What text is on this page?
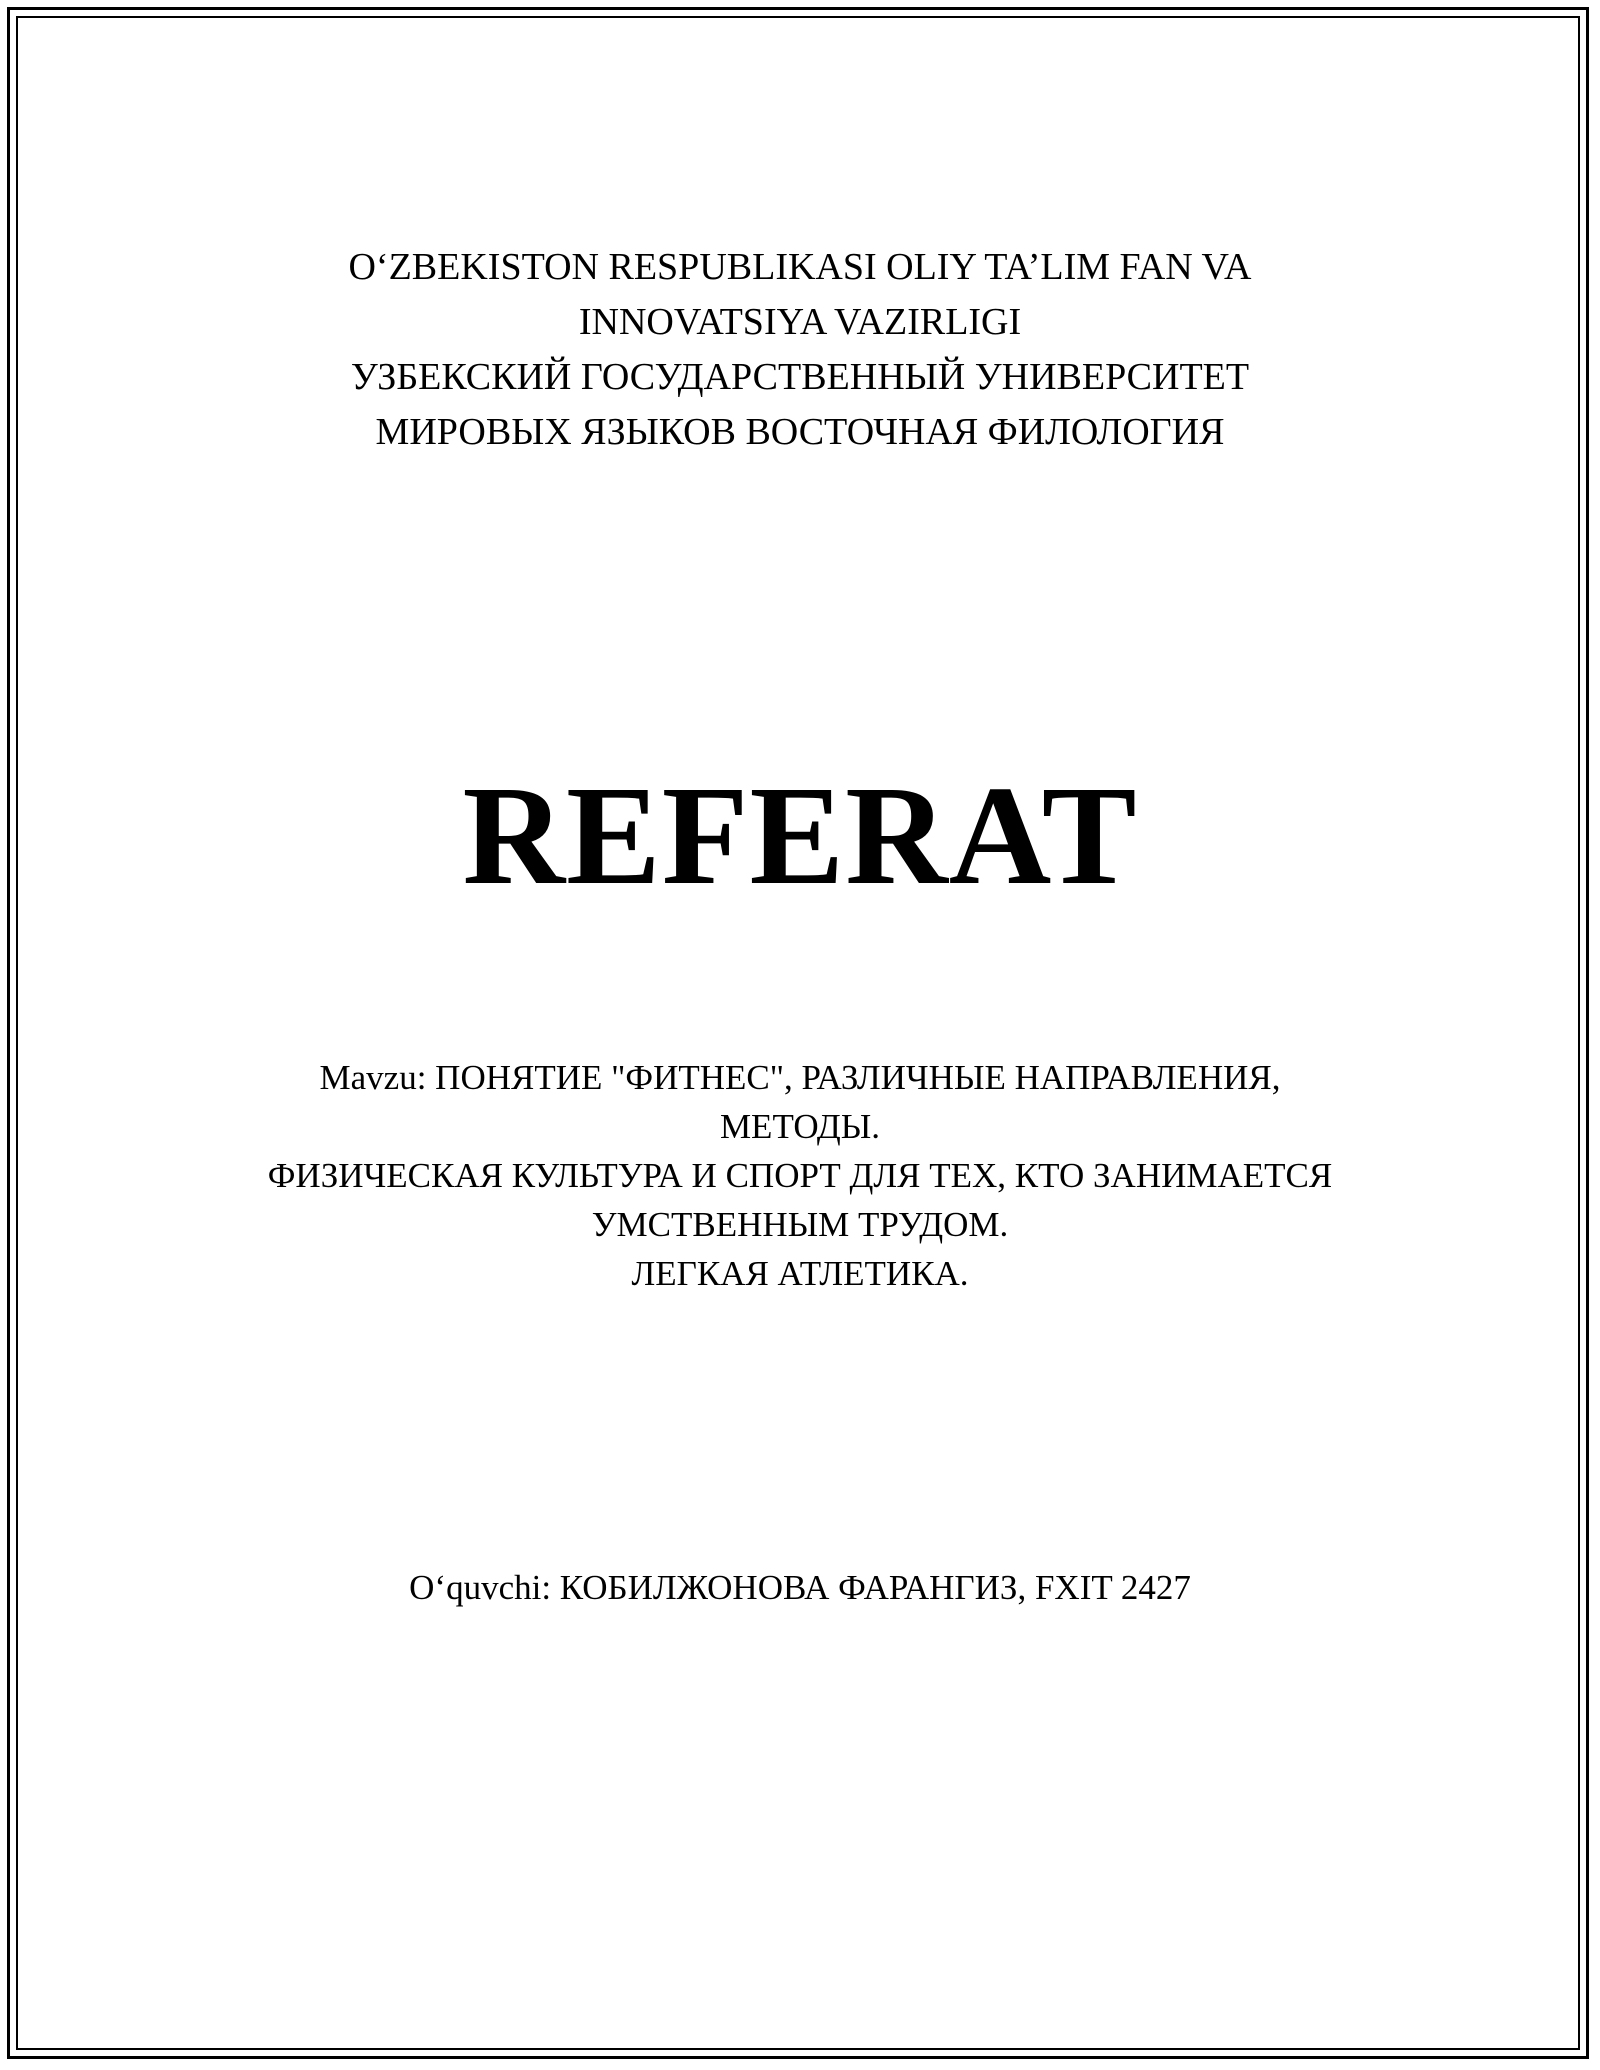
O‘ZBEKISTON RESPUBLIKASI OLIY TA’LIM FAN VA
INNOVATSIYA VAZIRLIGI
УЗБЕКСКИЙ ГОСУДАРСТВЕННЫЙ УНИВЕРСИТЕТ
МИРОВЫХ ЯЗЫКОВ ВОСТОЧНАЯ ФИЛОЛОГИЯ
REFERAT
Mavzu: ПОНЯТИЕ "ФИТНЕС", РАЗЛИЧНЫЕ НАПРАВЛЕНИЯ,
МЕТОДЫ.
ФИЗИЧЕСКАЯ КУЛЬТУРА И СПОРТ ДЛЯ ТЕХ, КТО ЗАНИМАЕТСЯ
УМСТВЕННЫМ ТРУДОМ.
ЛЕГКАЯ АТЛЕТИКА.
O‘quvchi: КОБИЛЖОНОВА ФАРАНГИЗ, FXIT 2427
